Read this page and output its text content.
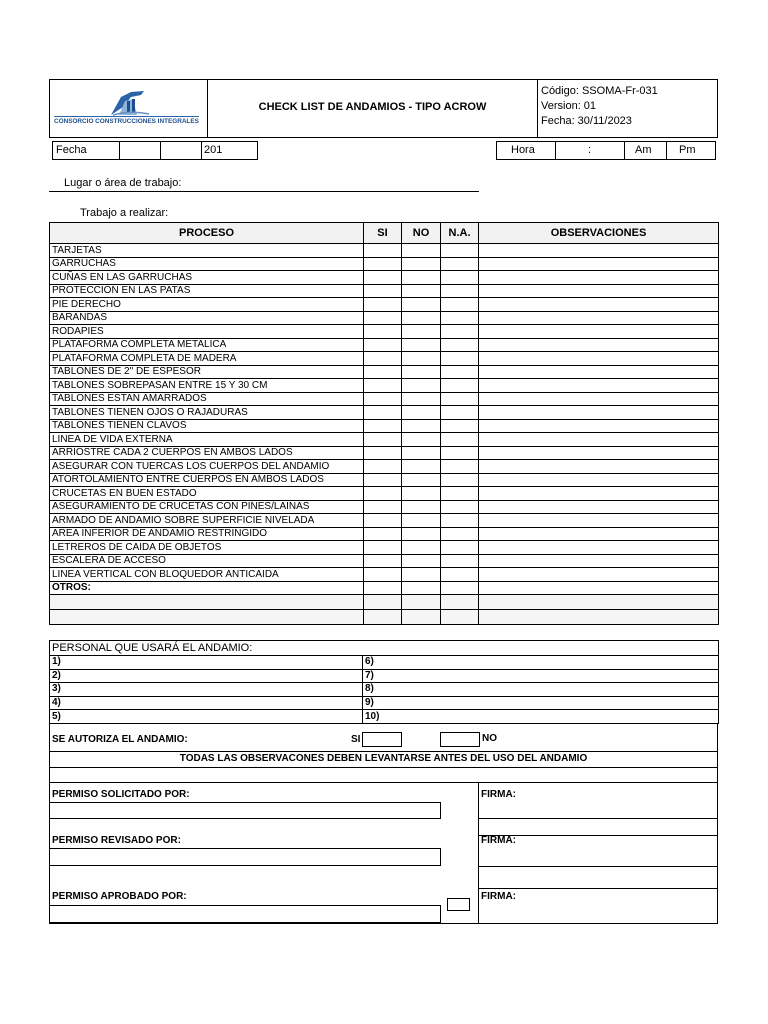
CONSORCIO CONSTRUCCIONES INTEGRALES
CHECK LIST DE ANDAMIOS - TIPO ACROW
Código: SSOMA-Fr-031
Version: 01
Fecha: 30/11/2023
Fecha	201	Hora	:	Am	Pm
Lugar o área de trabajo:
Trabajo a realizar:
PROCESO	SI	NO	N.A.	OBSERVACIONES
TARJETAS				
GARRUCHAS				
CUÑAS EN LAS GARRUCHAS				
PROTECCION EN LAS PATAS				
PIE DERECHO				
BARANDAS				
RODAPIES				
PLATAFORMA COMPLETA METALICA				
PLATAFORMA COMPLETA DE MADERA				
TABLONES DE 2" DE ESPESOR				
TABLONES SOBREPASAN ENTRE 15 Y 30 CM				
TABLONES ESTAN AMARRADOS				
TABLONES TIENEN OJOS O RAJADURAS				
TABLONES TIENEN CLAVOS				
LINEA DE VIDA EXTERNA				
ARRIOSTRE CADA 2 CUERPOS EN AMBOS LADOS				
ASEGURAR CON TUERCAS LOS CUERPOS DEL ANDAMIO				
ATORTOLAMIENTO ENTRE CUERPOS EN AMBOS LADOS				
CRUCETAS EN BUEN ESTADO				
ASEGURAMIENTO DE CRUCETAS CON PINES/LAINAS				
ARMADO DE ANDAMIO SOBRE SUPERFICIE NIVELADA				
AREA INFERIOR DE ANDAMIO RESTRINGIDO				
LETREROS DE CAIDA DE OBJETOS				
ESCALERA DE ACCESO				
LINEA VERTICAL CON BLOQUEDOR ANTICAIDA				
OTROS:				

PERSONAL QUE USARÁ EL ANDAMIO:	
1)	6)
2)	7)
3)	8)
4)	9)
5)	10)
SE AUTORIZA EL ANDAMIO:	SI	NO
TODAS LAS OBSERVACONES DEBEN LEVANTARSE ANTES DEL USO DEL ANDAMIO
PERMISO SOLICITADO POR:	FIRMA:
PERMISO REVISADO POR:	FIRMA:
PERMISO APROBADO POR:	FIRMA:
